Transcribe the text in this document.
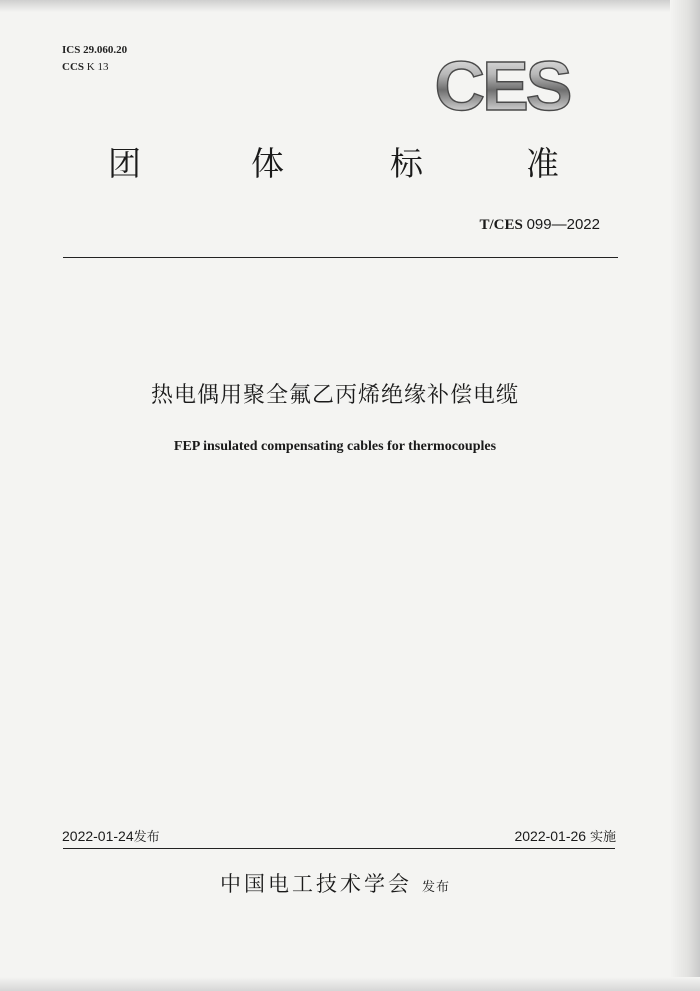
ICS 29.060.20
CCS K 13	CES
团	体	标	准
T/CES 099—2022
热电偶用聚全氟乙丙烯绝缘补偿电缆
FEP insulated compensating cables for thermocouples
2022-01-24发布	2022-01-26 实施
中国电工技术学会 发布
